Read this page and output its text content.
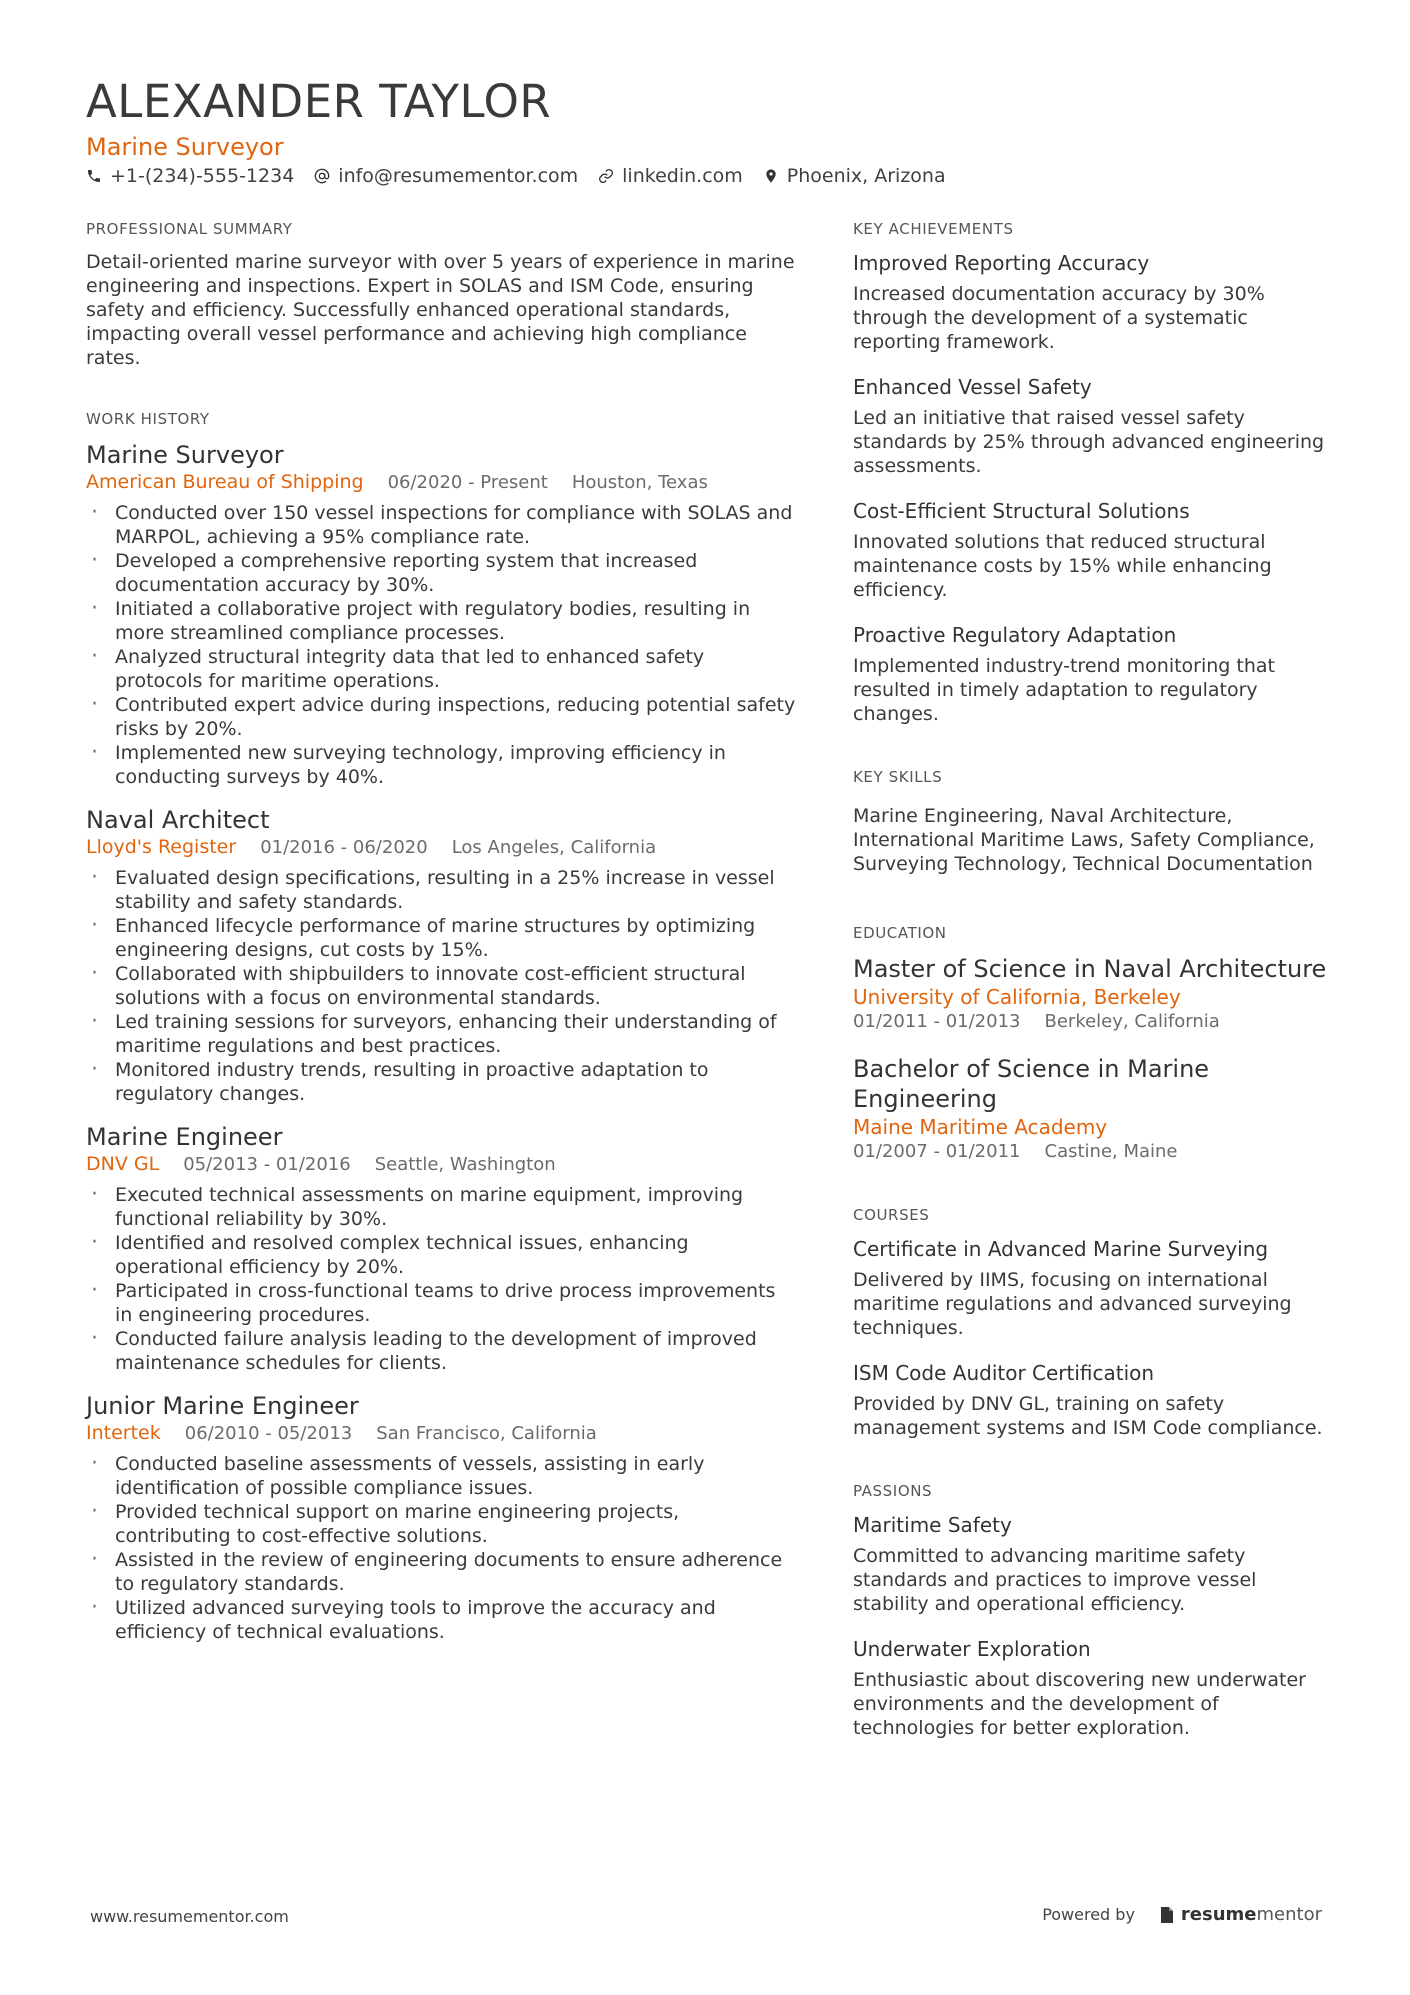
ALEXANDER TAYLOR
Marine Surveyor
+1-(234)-555-1234 info@resumementor.com linkedin.com Phoenix, Arizona
PROFESSIONAL SUMMARY

Detail-oriented marine surveyor with over 5 years of experience in marine engineering and inspections. Expert in SOLAS and ISM Code, ensuring safety and efficiency. Successfully enhanced operational standards, impacting overall vessel performance and achieving high compliance rates.

WORK HISTORY
Marine Surveyor
American Bureau of Shipping 06/2020 - Present Houston, Texas
· Conducted over 150 vessel inspections for compliance with SOLAS and MARPOL, achieving a 95% compliance rate.
· Developed a comprehensive reporting system that increased documentation accuracy by 30%.
· Initiated a collaborative project with regulatory bodies, resulting in more streamlined compliance processes.
· Analyzed structural integrity data that led to enhanced safety protocols for maritime operations.
· Contributed expert advice during inspections, reducing potential safety risks by 20%.
· Implemented new surveying technology, improving efficiency in conducting surveys by 40%.
Naval Architect
Lloyd's Register 01/2016 - 06/2020 Los Angeles, California
· Evaluated design specifications, resulting in a 25% increase in vessel stability and safety standards.
· Enhanced lifecycle performance of marine structures by optimizing engineering designs, cut costs by 15%.
· Collaborated with shipbuilders to innovate cost-efficient structural solutions with a focus on environmental standards.
· Led training sessions for surveyors, enhancing their understanding of maritime regulations and best practices.
· Monitored industry trends, resulting in proactive adaptation to regulatory changes.
Marine Engineer
DNV GL 05/2013 - 01/2016 Seattle, Washington
· Executed technical assessments on marine equipment, improving functional reliability by 30%.
· Identified and resolved complex technical issues, enhancing operational efficiency by 20%.
· Participated in cross-functional teams to drive process improvements in engineering procedures.
· Conducted failure analysis leading to the development of improved maintenance schedules for clients.
Junior Marine Engineer
Intertek 06/2010 - 05/2013 San Francisco, California
· Conducted baseline assessments of vessels, assisting in early identification of possible compliance issues.
· Provided technical support on marine engineering projects, contributing to cost-effective solutions.
· Assisted in the review of engineering documents to ensure adherence to regulatory standards.
· Utilized advanced surveying tools to improve the accuracy and efficiency of technical evaluations.
KEY ACHIEVEMENTS
Improved Reporting Accuracy
Increased documentation accuracy by 30% through the development of a systematic reporting framework.
Enhanced Vessel Safety
Led an initiative that raised vessel safety standards by 25% through advanced engineering assessments.
Cost-Efficient Structural Solutions
Innovated solutions that reduced structural maintenance costs by 15% while enhancing efficiency.
Proactive Regulatory Adaptation
Implemented industry-trend monitoring that resulted in timely adaptation to regulatory changes.
KEY SKILLS

Marine Engineering, Naval Architecture, International Maritime Laws, Safety Compliance, Surveying Technology, Technical Documentation

EDUCATION
Master of Science in Naval Architecture
University of California, Berkeley
01/2011 - 01/2013 Berkeley, California
Bachelor of Science in Marine Engineering
Maine Maritime Academy
01/2007 - 01/2011 Castine, Maine
COURSES
Certificate in Advanced Marine Surveying
Delivered by IIMS, focusing on international maritime regulations and advanced surveying techniques.
ISM Code Auditor Certification
Provided by DNV GL, training on safety management systems and ISM Code compliance.
PASSIONS
Maritime Safety
Committed to advancing maritime safety standards and practices to improve vessel stability and operational efficiency.
Underwater Exploration
Enthusiastic about discovering new underwater environments and the development of technologies for better exploration.
www.resumementor.com	Powered by	resumementor
